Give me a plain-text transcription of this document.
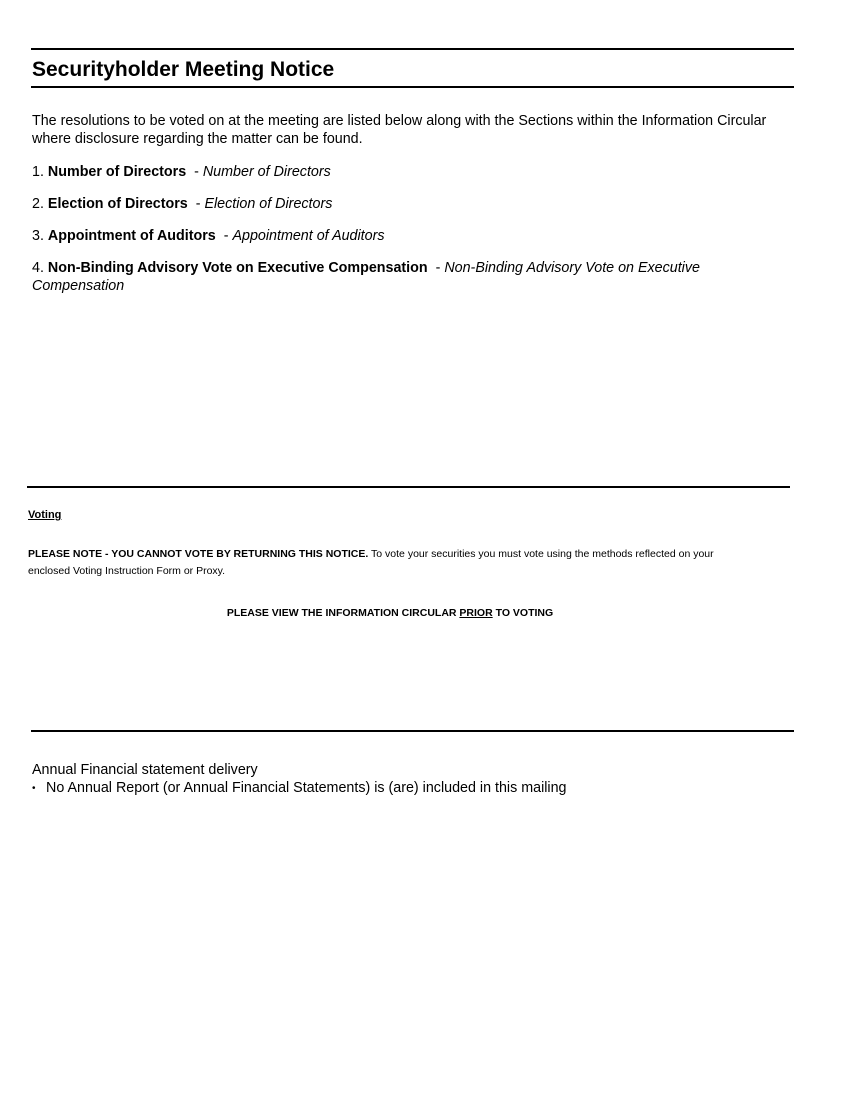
Securityholder Meeting Notice

The resolutions to be voted on at the meeting are listed below along with the Sections within the Information Circular where disclosure regarding the matter can be found.

1. Number of Directors - Number of Directors

2. Election of Directors - Election of Directors

3. Appointment of Auditors - Appointment of Auditors

4. Non-Binding Advisory Vote on Executive Compensation - Non-Binding Advisory Vote on Executive Compensation

Voting

PLEASE NOTE - YOU CANNOT VOTE BY RETURNING THIS NOTICE. To vote your securities you must vote using the methods reflected on your enclosed Voting Instruction Form or Proxy.

PLEASE VIEW THE INFORMATION CIRCULAR PRIOR TO VOTING

Annual Financial statement delivery

• No Annual Report (or Annual Financial Statements) is (are) included in this mailing
